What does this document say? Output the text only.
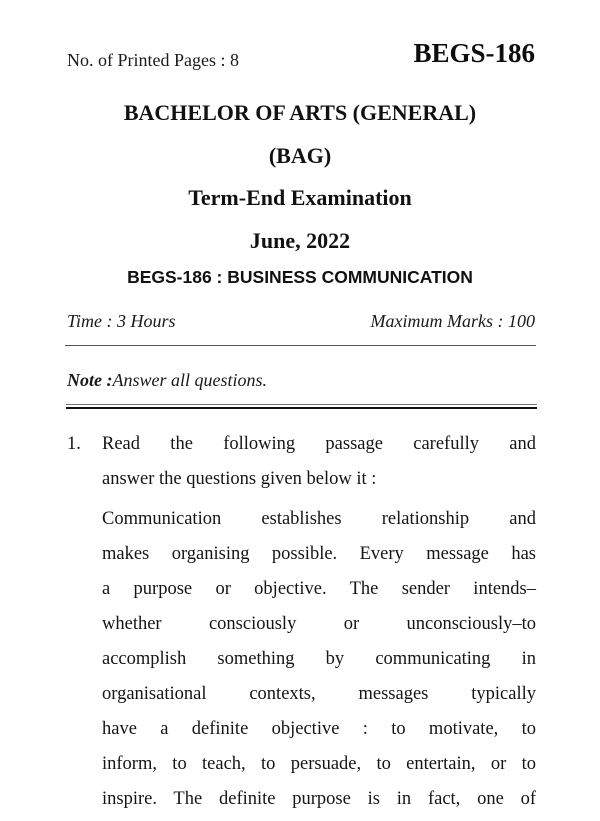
No. of Printed Pages : 8	BEGS-186
BACHELOR OF ARTS (GENERAL)
(BAG)
Term-End Examination
June, 2022
BEGS-186 : BUSINESS COMMUNICATION
Time : 3 Hours	Maximum Marks : 100
Note :Answer all questions.
1. Read the following passage carefully and
answer the questions given below it :
Communication establishes relationship and
makes organising possible. Every message has
a purpose or objective. The sender intends–
whether consciously or unconsciously–to
accomplish something by communicating in
organisational contexts, messages typically
have a definite objective : to motivate, to
inform, to teach, to persuade, to entertain, or to
inspire. The definite purpose is in fact, one of
